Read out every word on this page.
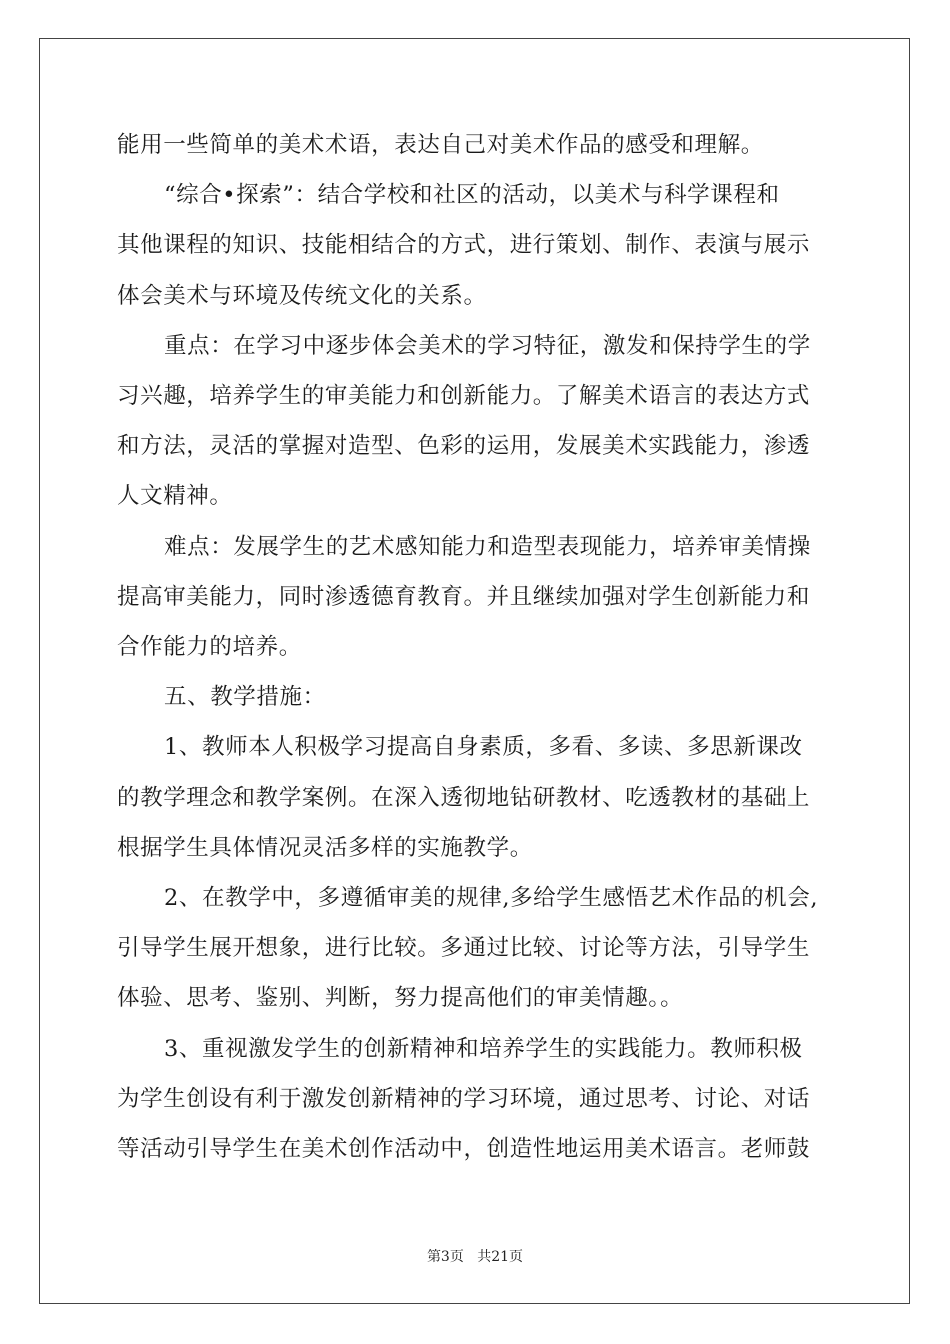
能用一些简单的美术术语，表达自己对美术作品的感受和理解。
“综合•探索”：结合学校和社区的活动，以美术与科学课程和
其他课程的知识、技能相结合的方式，进行策划、制作、表演与展示
体会美术与环境及传统文化的关系。
重点：在学习中逐步体会美术的学习特征，激发和保持学生的学
习兴趣，培养学生的审美能力和创新能力。了解美术语言的表达方式
和方法，灵活的掌握对造型、色彩的运用，发展美术实践能力，渗透
人文精神。
难点：发展学生的艺术感知能力和造型表现能力，培养审美情操
提高审美能力，同时渗透德育教育。并且继续加强对学生创新能力和
合作能力的培养。
五、教学措施：
1、教师本人积极学习提高自身素质，多看、多读、多思新课改
的教学理念和教学案例。在深入透彻地钻研教材、吃透教材的基础上
根据学生具体情况灵活多样的实施教学。
2、在教学中，多遵循审美的规律,多给学生感悟艺术作品的机会,
引导学生展开想象，进行比较。多通过比较、讨论等方法，引导学生
体验、思考、鉴别、判断，努力提高他们的审美情趣。。
3、重视激发学生的创新精神和培养学生的实践能力。教师积极
为学生创设有利于激发创新精神的学习环境，通过思考、讨论、对话
等活动引导学生在美术创作活动中，创造性地运用美术语言。老师鼓
第3页 共21页
